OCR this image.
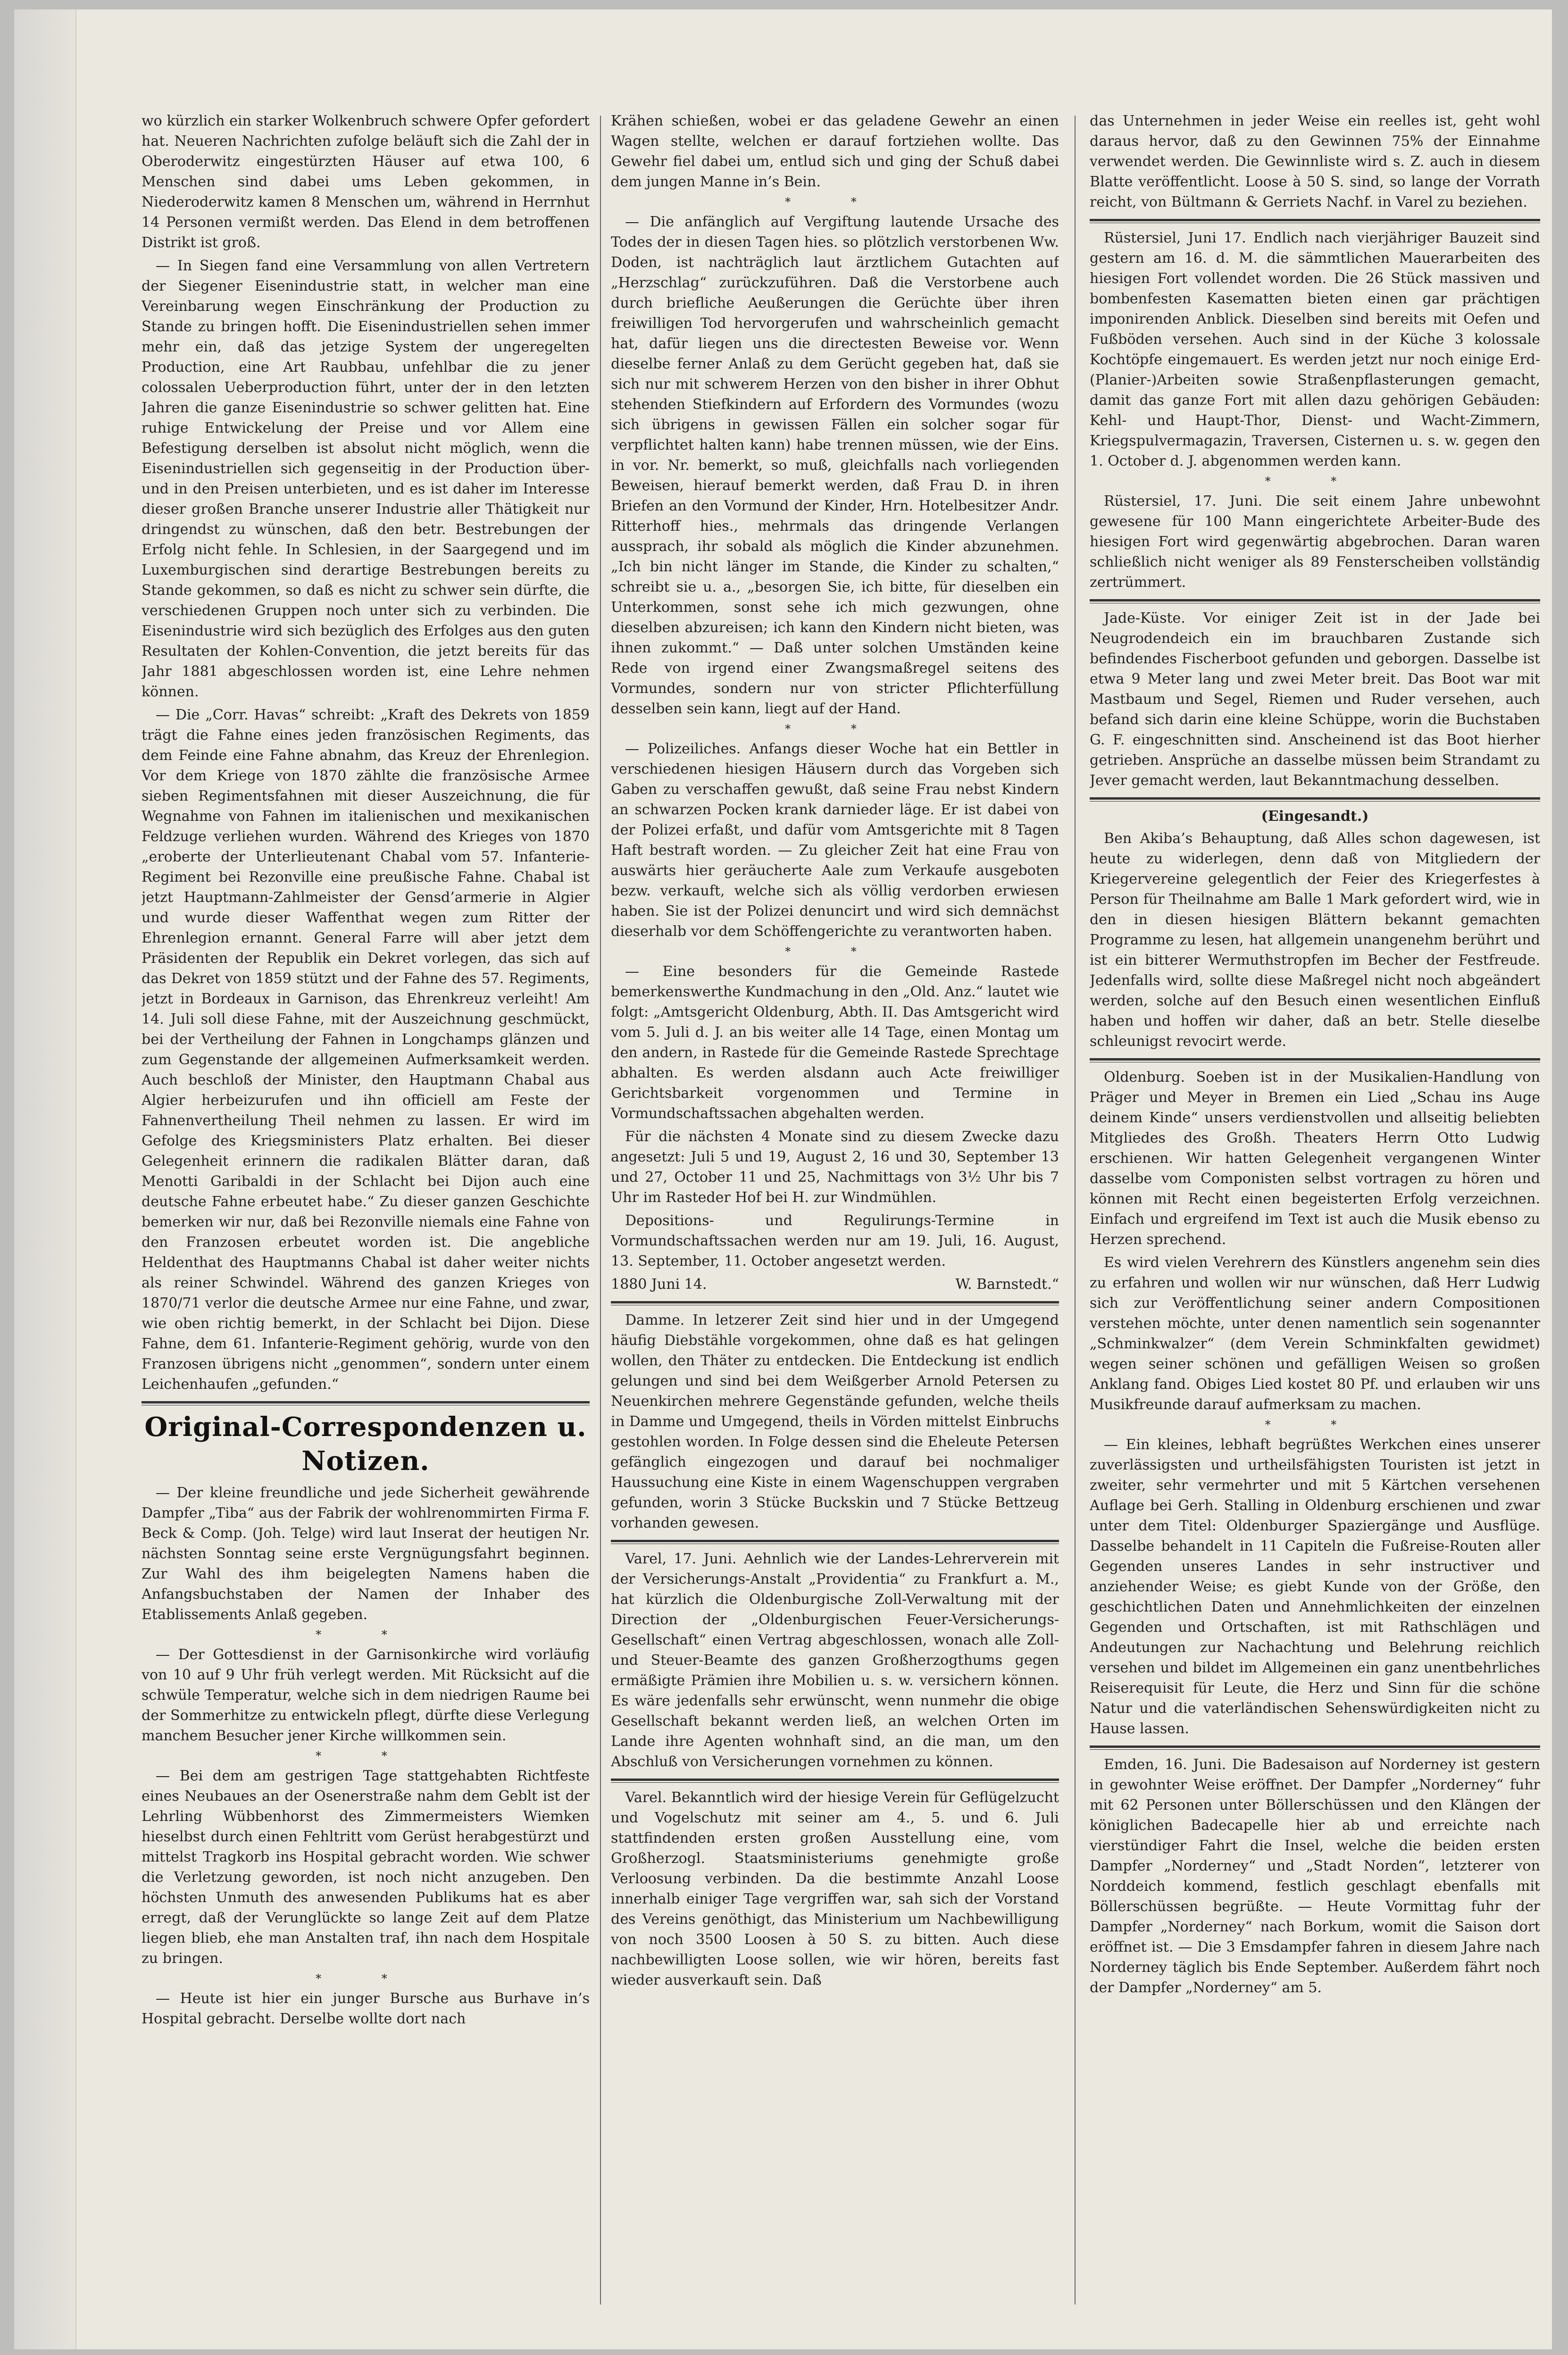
wo kürzlich ein starker Wolkenbruch schwere Opfer gefordert hat. Neueren Nachrichten zufolge beläuft sich die Zahl der in Oberoderwitz eingestürzten Häuser auf etwa 100, 6 Menschen sind dabei ums Leben gekommen, in Niederoderwitz kamen 8 Menschen um, während in Herrnhut 14 Personen vermißt werden. Das Elend in dem betroffenen Distrikt ist groß.

— In Siegen fand eine Versammlung von allen Vertretern der Siegener Eisenindustrie statt, in welcher man eine Vereinbarung wegen Einschränkung der Production zu Stande zu bringen hofft. Die Eisenindustriellen sehen immer mehr ein, daß das jetzige System der ungeregelten Production, eine Art Raubbau, unfehlbar die zu jener colossalen Ueberproduction führt, unter der in den letzten Jahren die ganze Eisenindustrie so schwer gelitten hat. Eine ruhige Entwickelung der Preise und vor Allem eine Befestigung derselben ist absolut nicht möglich, wenn die Eisenindustriellen sich gegenseitig in der Production über- und in den Preisen unterbieten, und es ist daher im Interesse dieser großen Branche unserer Industrie aller Thätigkeit nur dringendst zu wünschen, daß den betr. Bestrebungen der Erfolg nicht fehle. In Schlesien, in der Saargegend und im Luxemburgischen sind derartige Bestrebungen bereits zu Stande gekommen, so daß es nicht zu schwer sein dürfte, die verschiedenen Gruppen noch unter sich zu verbinden. Die Eisenindustrie wird sich bezüglich des Erfolges aus den guten Resultaten der Kohlen-Convention, die jetzt bereits für das Jahr 1881 abgeschlossen worden ist, eine Lehre nehmen können.

— Die „Corr. Havas“ schreibt: „Kraft des Dekrets von 1859 trägt die Fahne eines jeden französischen Regiments, das dem Feinde eine Fahne abnahm, das Kreuz der Ehrenlegion. Vor dem Kriege von 1870 zählte die französische Armee sieben Regimentsfahnen mit dieser Auszeichnung, die für Wegnahme von Fahnen im italienischen und mexikanischen Feldzuge verliehen wurden. Während des Krieges von 1870 „eroberte der Unterlieutenant Chabal vom 57. Infanterie-Regiment bei Rezonville eine preußische Fahne. Chabal ist jetzt Hauptmann-Zahlmeister der Gensd’armerie in Algier und wurde dieser Waffenthat wegen zum Ritter der Ehrenlegion ernannt. General Farre will aber jetzt dem Präsidenten der Republik ein Dekret vorlegen, das sich auf das Dekret von 1859 stützt und der Fahne des 57. Regiments, jetzt in Bordeaux in Garnison, das Ehrenkreuz verleiht! Am 14. Juli soll diese Fahne, mit der Auszeichnung geschmückt, bei der Vertheilung der Fahnen in Longchamps glänzen und zum Gegenstande der allgemeinen Aufmerksamkeit werden. Auch beschloß der Minister, den Hauptmann Chabal aus Algier herbeizurufen und ihn officiell am Feste der Fahnenvertheilung Theil nehmen zu lassen. Er wird im Gefolge des Kriegsministers Platz erhalten. Bei dieser Gelegenheit erinnern die radikalen Blätter daran, daß Menotti Garibaldi in der Schlacht bei Dijon auch eine deutsche Fahne erbeutet habe.“ Zu dieser ganzen Geschichte bemerken wir nur, daß bei Rezonville niemals eine Fahne von den Franzosen erbeutet worden ist. Die angebliche Heldenthat des Hauptmanns Chabal ist daher weiter nichts als reiner Schwindel. Während des ganzen Krieges von 1870/71 verlor die deutsche Armee nur eine Fahne, und zwar, wie oben richtig bemerkt, in der Schlacht bei Dijon. Diese Fahne, dem 61. Infanterie-Regiment gehörig, wurde von den Franzosen übrigens nicht „genommen“, sondern unter einem Leichenhaufen „gefunden.“

Original-Correspondenzen u. Notizen.

— Der kleine freundliche und jede Sicherheit gewährende Dampfer „Tiba“ aus der Fabrik der wohlrenommirten Firma F. Beck & Comp. (Joh. Telge) wird laut Inserat der heutigen Nr. nächsten Sonntag seine erste Vergnügungsfahrt beginnen. Zur Wahl des ihm beigelegten Namens haben die Anfangsbuchstaben der Namen der Inhaber des Etablissements Anlaß gegeben.

* *

— Der Gottesdienst in der Garnisonkirche wird vorläufig von 10 auf 9 Uhr früh verlegt werden. Mit Rücksicht auf die schwüle Temperatur, welche sich in dem niedrigen Raume bei der Sommerhitze zu entwickeln pflegt, dürfte diese Verlegung manchem Besucher jener Kirche willkommen sein.

* *

— Bei dem am gestrigen Tage stattgehabten Richtfeste eines Neubaues an der Osenerstraße nahm dem Geblt ist der Lehrling Wübbenhorst des Zimmermeisters Wiemken hieselbst durch einen Fehltritt vom Gerüst herabgestürzt und mittelst Tragkorb ins Hospital gebracht worden. Wie schwer die Verletzung geworden, ist noch nicht anzugeben. Den höchsten Unmuth des anwesenden Publikums hat es aber erregt, daß der Verunglückte so lange Zeit auf dem Platze liegen blieb, ehe man Anstalten traf, ihn nach dem Hospitale zu bringen.

* *

— Heute ist hier ein junger Bursche aus Burhave in’s Hospital gebracht. Derselbe wollte dort nach

Krähen schießen, wobei er das geladene Gewehr an einen Wagen stellte, welchen er darauf fortziehen wollte. Das Gewehr fiel dabei um, entlud sich und ging der Schuß dabei dem jungen Manne in’s Bein.

* *

— Die anfänglich auf Vergiftung lautende Ursache des Todes der in diesen Tagen hies. so plötzlich verstorbenen Ww. Doden, ist nachträglich laut ärztlichem Gutachten auf „Herzschlag“ zurückzuführen. Daß die Verstorbene auch durch briefliche Aeußerungen die Gerüchte über ihren freiwilligen Tod hervorgerufen und wahrscheinlich gemacht hat, dafür liegen uns die directesten Beweise vor. Wenn dieselbe ferner Anlaß zu dem Gerücht gegeben hat, daß sie sich nur mit schwerem Herzen von den bisher in ihrer Obhut stehenden Stiefkindern auf Erfordern des Vormundes (wozu sich übrigens in gewissen Fällen ein solcher sogar für verpflichtet halten kann) habe trennen müssen, wie der Eins. in vor. Nr. bemerkt, so muß, gleichfalls nach vorliegenden Beweisen, hierauf bemerkt werden, daß Frau D. in ihren Briefen an den Vormund der Kinder, Hrn. Hotelbesitzer Andr. Ritterhoff hies., mehrmals das dringende Verlangen aussprach, ihr sobald als möglich die Kinder abzunehmen. „Ich bin nicht länger im Stande, die Kinder zu schalten,“ schreibt sie u. a., „besorgen Sie, ich bitte, für dieselben ein Unterkommen, sonst sehe ich mich gezwungen, ohne dieselben abzureisen; ich kann den Kindern nicht bieten, was ihnen zukommt.“ — Daß unter solchen Umständen keine Rede von irgend einer Zwangsmaßregel seitens des Vormundes, sondern nur von stricter Pflichterfüllung desselben sein kann, liegt auf der Hand.

* *

— Polizeiliches. Anfangs dieser Woche hat ein Bettler in verschiedenen hiesigen Häusern durch das Vorgeben sich Gaben zu verschaffen gewußt, daß seine Frau nebst Kindern an schwarzen Pocken krank darnieder läge. Er ist dabei von der Polizei erfaßt, und dafür vom Amtsgerichte mit 8 Tagen Haft bestraft worden. — Zu gleicher Zeit hat eine Frau von auswärts hier geräucherte Aale zum Verkaufe ausgeboten bezw. verkauft, welche sich als völlig verdorben erwiesen haben. Sie ist der Polizei denuncirt und wird sich demnächst dieserhalb vor dem Schöffengerichte zu verantworten haben.

* *

— Eine besonders für die Gemeinde Rastede bemerkenswerthe Kundmachung in den „Old. Anz.“ lautet wie folgt: „Amtsgericht Oldenburg, Abth. II. Das Amtsgericht wird vom 5. Juli d. J. an bis weiter alle 14 Tage, einen Montag um den andern, in Rastede für die Gemeinde Rastede Sprechtage abhalten. Es werden alsdann auch Acte freiwilliger Gerichtsbarkeit vorgenommen und Termine in Vormundschaftssachen abgehalten werden.

Für die nächsten 4 Monate sind zu diesem Zwecke dazu angesetzt: Juli 5 und 19, August 2, 16 und 30, September 13 und 27, October 11 und 25, Nachmittags von 3½ Uhr bis 7 Uhr im Rasteder Hof bei H. zur Windmühlen.

Depositions- und Regulirungs-Termine in Vormundschaftssachen werden nur am 19. Juli, 16. August, 13. September, 11. October angesetzt werden.

1880 Juni 14.	W. Barnstedt.“

Damme. In letzerer Zeit sind hier und in der Umgegend häufig Diebstähle vorgekommen, ohne daß es hat gelingen wollen, den Thäter zu entdecken. Die Entdeckung ist endlich gelungen und sind bei dem Weißgerber Arnold Petersen zu Neuenkirchen mehrere Gegenstände gefunden, welche theils in Damme und Umgegend, theils in Vörden mittelst Einbruchs gestohlen worden. In Folge dessen sind die Eheleute Petersen gefänglich eingezogen und darauf bei nochmaliger Haussuchung eine Kiste in einem Wagenschuppen vergraben gefunden, worin 3 Stücke Buckskin und 7 Stücke Bettzeug vorhanden gewesen.

Varel, 17. Juni. Aehnlich wie der Landes-Lehrerverein mit der Versicherungs-Anstalt „Providentia“ zu Frankfurt a. M., hat kürzlich die Oldenburgische Zoll-Verwaltung mit der Direction der „Oldenburgischen Feuer-Versicherungs-Gesellschaft“ einen Vertrag abgeschlossen, wonach alle Zoll- und Steuer-Beamte des ganzen Großherzogthums gegen ermäßigte Prämien ihre Mobilien u. s. w. versichern können. Es wäre jedenfalls sehr erwünscht, wenn nunmehr die obige Gesellschaft bekannt werden ließ, an welchen Orten im Lande ihre Agenten wohnhaft sind, an die man, um den Abschluß von Versicherungen vornehmen zu können.

Varel. Bekanntlich wird der hiesige Verein für Geflügelzucht und Vogelschutz mit seiner am 4., 5. und 6. Juli stattfindenden ersten großen Ausstellung eine, vom Großherzogl. Staatsministeriums genehmigte große Verloosung verbinden. Da die bestimmte Anzahl Loose innerhalb einiger Tage vergriffen war, sah sich der Vorstand des Vereins genöthigt, das Ministerium um Nachbewilligung von noch 3500 Loosen à 50 S. zu bitten. Auch diese nachbewilligten Loose sollen, wie wir hören, bereits fast wieder ausverkauft sein. Daß

das Unternehmen in jeder Weise ein reelles ist, geht wohl daraus hervor, daß zu den Gewinnen 75% der Einnahme verwendet werden. Die Gewinnliste wird s. Z. auch in diesem Blatte veröffentlicht. Loose à 50 S. sind, so lange der Vorrath reicht, von Bültmann & Gerriets Nachf. in Varel zu beziehen.

Rüstersiel, Juni 17. Endlich nach vierjähriger Bauzeit sind gestern am 16. d. M. die sämmtlichen Mauerarbeiten des hiesigen Fort vollendet worden. Die 26 Stück massiven und bombenfesten Kasematten bieten einen gar prächtigen imponirenden Anblick. Dieselben sind bereits mit Oefen und Fußböden versehen. Auch sind in der Küche 3 kolossale Kochtöpfe eingemauert. Es werden jetzt nur noch einige Erd-(Planier-)Arbeiten sowie Straßenpflasterungen gemacht, damit das ganze Fort mit allen dazu gehörigen Gebäuden: Kehl- und Haupt-Thor, Dienst- und Wacht-Zimmern, Kriegspulvermagazin, Traversen, Cisternen u. s. w. gegen den 1. October d. J. abgenommen werden kann.

* *

Rüstersiel, 17. Juni. Die seit einem Jahre unbewohnt gewesene für 100 Mann eingerichtete Arbeiter-Bude des hiesigen Fort wird gegenwärtig abgebrochen. Daran waren schließlich nicht weniger als 89 Fensterscheiben vollständig zertrümmert.

Jade-Küste. Vor einiger Zeit ist in der Jade bei Neugrodendeich ein im brauchbaren Zustande sich befindendes Fischerboot gefunden und geborgen. Dasselbe ist etwa 9 Meter lang und zwei Meter breit. Das Boot war mit Mastbaum und Segel, Riemen und Ruder versehen, auch befand sich darin eine kleine Schüppe, worin die Buchstaben G. F. eingeschnitten sind. Anscheinend ist das Boot hierher getrieben. Ansprüche an dasselbe müssen beim Strandamt zu Jever gemacht werden, laut Bekanntmachung desselben.

(Eingesandt.)

Ben Akiba’s Behauptung, daß Alles schon dagewesen, ist heute zu widerlegen, denn daß von Mitgliedern der Kriegervereine gelegentlich der Feier des Kriegerfestes à Person für Theilnahme am Balle 1 Mark gefordert wird, wie in den in diesen hiesigen Blättern bekannt gemachten Programme zu lesen, hat allgemein unangenehm berührt und ist ein bitterer Wermuthstropfen im Becher der Festfreude. Jedenfalls wird, sollte diese Maßregel nicht noch abgeändert werden, solche auf den Besuch einen wesentlichen Einfluß haben und hoffen wir daher, daß an betr. Stelle dieselbe schleunigst revocirt werde.

Oldenburg. Soeben ist in der Musikalien-Handlung von Präger und Meyer in Bremen ein Lied „Schau ins Auge deinem Kinde“ unsers verdienstvollen und allseitig beliebten Mitgliedes des Großh. Theaters Herrn Otto Ludwig erschienen. Wir hatten Gelegenheit vergangenen Winter dasselbe vom Componisten selbst vortragen zu hören und können mit Recht einen begeisterten Erfolg verzeichnen. Einfach und ergreifend im Text ist auch die Musik ebenso zu Herzen sprechend.

Es wird vielen Verehrern des Künstlers angenehm sein dies zu erfahren und wollen wir nur wünschen, daß Herr Ludwig sich zur Veröffentlichung seiner andern Compositionen verstehen möchte, unter denen namentlich sein sogenannter „Schminkwalzer“ (dem Verein Schminkfalten gewidmet) wegen seiner schönen und gefälligen Weisen so großen Anklang fand. Obiges Lied kostet 80 Pf. und erlauben wir uns Musikfreunde darauf aufmerksam zu machen.

* *

— Ein kleines, lebhaft begrüßtes Werkchen eines unserer zuverlässigsten und urtheilsfähigsten Touristen ist jetzt in zweiter, sehr vermehrter und mit 5 Kärtchen versehenen Auflage bei Gerh. Stalling in Oldenburg erschienen und zwar unter dem Titel: Oldenburger Spaziergänge und Ausflüge. Dasselbe behandelt in 11 Capiteln die Fußreise-Routen aller Gegenden unseres Landes in sehr instructiver und anziehender Weise; es giebt Kunde von der Größe, den geschichtlichen Daten und Annehmlichkeiten der einzelnen Gegenden und Ortschaften, ist mit Rathschlägen und Andeutungen zur Nachachtung und Belehrung reichlich versehen und bildet im Allgemeinen ein ganz unentbehrliches Reiserequisit für Leute, die Herz und Sinn für die schöne Natur und die vaterländischen Sehenswürdigkeiten nicht zu Hause lassen.

Emden, 16. Juni. Die Badesaison auf Norderney ist gestern in gewohnter Weise eröffnet. Der Dampfer „Norderney“ fuhr mit 62 Personen unter Böllerschüssen und den Klängen der königlichen Badecapelle hier ab und erreichte nach vierstündiger Fahrt die Insel, welche die beiden ersten Dampfer „Norderney“ und „Stadt Norden“, letzterer von Norddeich kommend, festlich geschlagt ebenfalls mit Böllerschüssen begrüßte. — Heute Vormittag fuhr der Dampfer „Norderney“ nach Borkum, womit die Saison dort eröffnet ist. — Die 3 Emsdampfer fahren in diesem Jahre nach Norderney täglich bis Ende September. Außerdem fährt noch der Dampfer „Norderney“ am 5.
